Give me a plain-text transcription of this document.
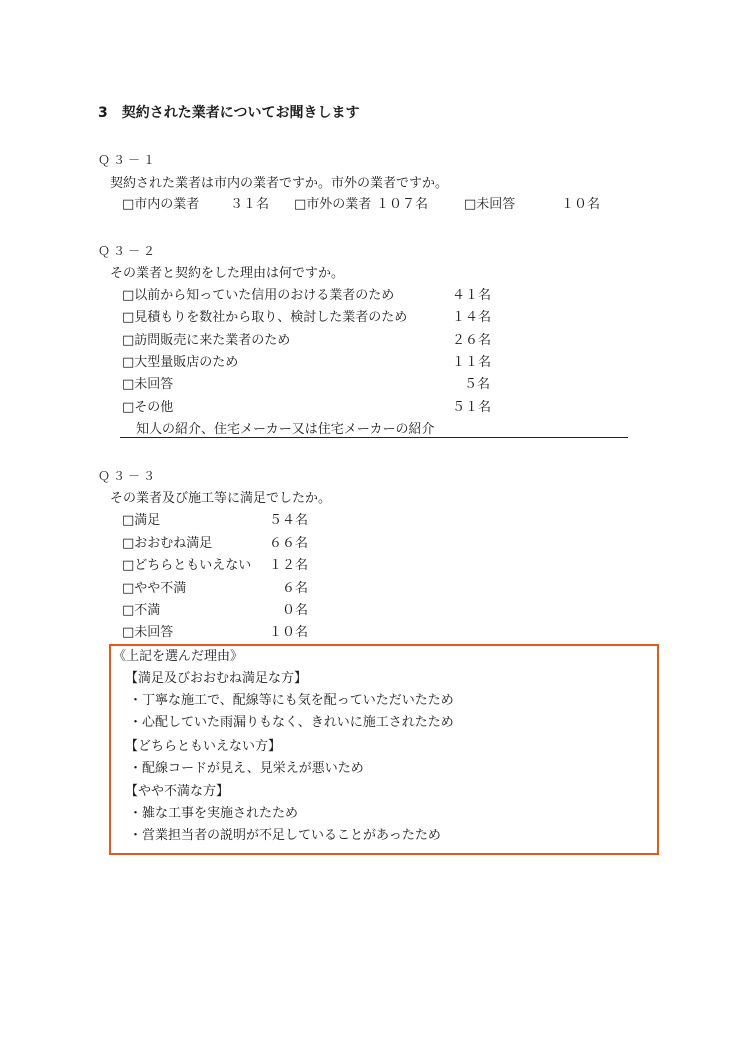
3　契約された業者についてお聞きします
Ｑ３－１
契約された業者は市内の業者ですか。市外の業者ですか。
□市内の業者	３１名 □市外の業者 １０７名	□未回答	１０名
Ｑ３－２
その業者と契約をした理由は何ですか。
□以前から知っていた信用のおける業者のため	４１名
□見積もりを数社から取り、検討した業者のため	１４名
□訪問販売に来た業者のため	２６名
□大型量販店のため	１１名
□未回答	５名
□その他	５１名
知人の紹介、住宅メーカー又は住宅メーカーの紹介
Ｑ３－３
その業者及び施工等に満足でしたか。
□満足	５４名
□おおむね満足	６６名
□どちらともいえない	１２名
□やや不満	６名
□不満	０名
□未回答	１０名
《上記を選んだ理由》
【満足及びおおむね満足な方】
・丁寧な施工で、配線等にも気を配っていただいたため
・心配していた雨漏りもなく、きれいに施工されたため
【どちらともいえない方】
・配線コードが見え、見栄えが悪いため
【やや不満な方】
・雑な工事を実施されたため
・営業担当者の説明が不足していることがあったため
